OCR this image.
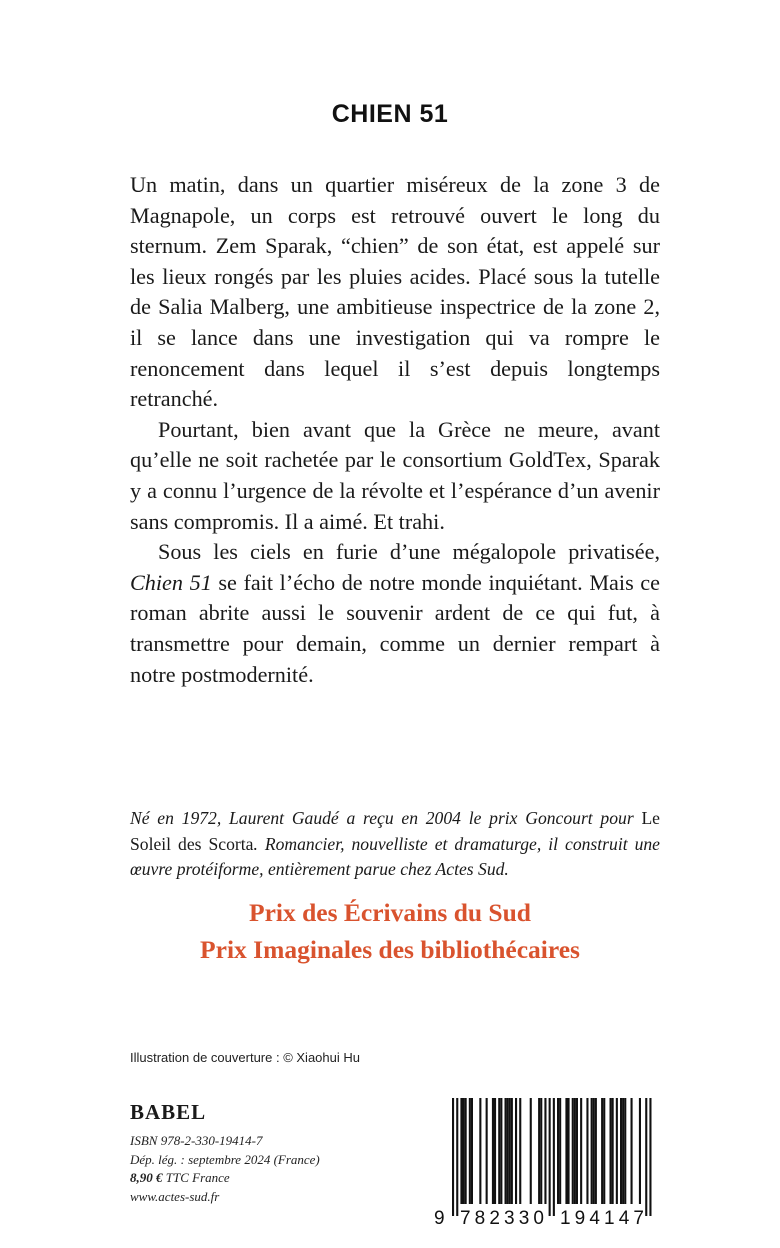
CHIEN 51

Un matin, dans un quartier miséreux de la zone 3 de Magnapole, un corps est retrouvé ouvert le long du sternum. Zem Sparak, “chien” de son état, est appelé sur les lieux rongés par les pluies acides. Placé sous la tutelle de Salia Malberg, une ambitieuse inspectrice de la zone 2, il se lance dans une investigation qui va rompre le renoncement dans lequel il s’est depuis longtemps retranché.

Pourtant, bien avant que la Grèce ne meure, avant qu’elle ne soit rachetée par le consortium GoldTex, Sparak y a connu l’urgence de la révolte et l’espérance d’un avenir sans compromis. Il a aimé. Et trahi.

Sous les ciels en furie d’une mégalopole privatisée, Chien 51 se fait l’écho de notre monde inquiétant. Mais ce roman abrite aussi le souvenir ardent de ce qui fut, à transmettre pour demain, comme un dernier rempart à notre postmodernité.

Né en 1972, Laurent Gaudé a reçu en 2004 le prix Goncourt pour Le Soleil des Scorta. Romancier, nouvelliste et dramaturge, il construit une œuvre protéiforme, entièrement parue chez Actes Sud.

Prix des Écrivains du Sud
Prix Imaginales des bibliothécaires
Illustration de couverture : © Xiaohui Hu
BABEL
ISBN 978-2-330-19414-7
Dép. lég. : septembre 2024 (France)
8,90 € TTC France
www.actes-sud.fr
9 782330 194147
